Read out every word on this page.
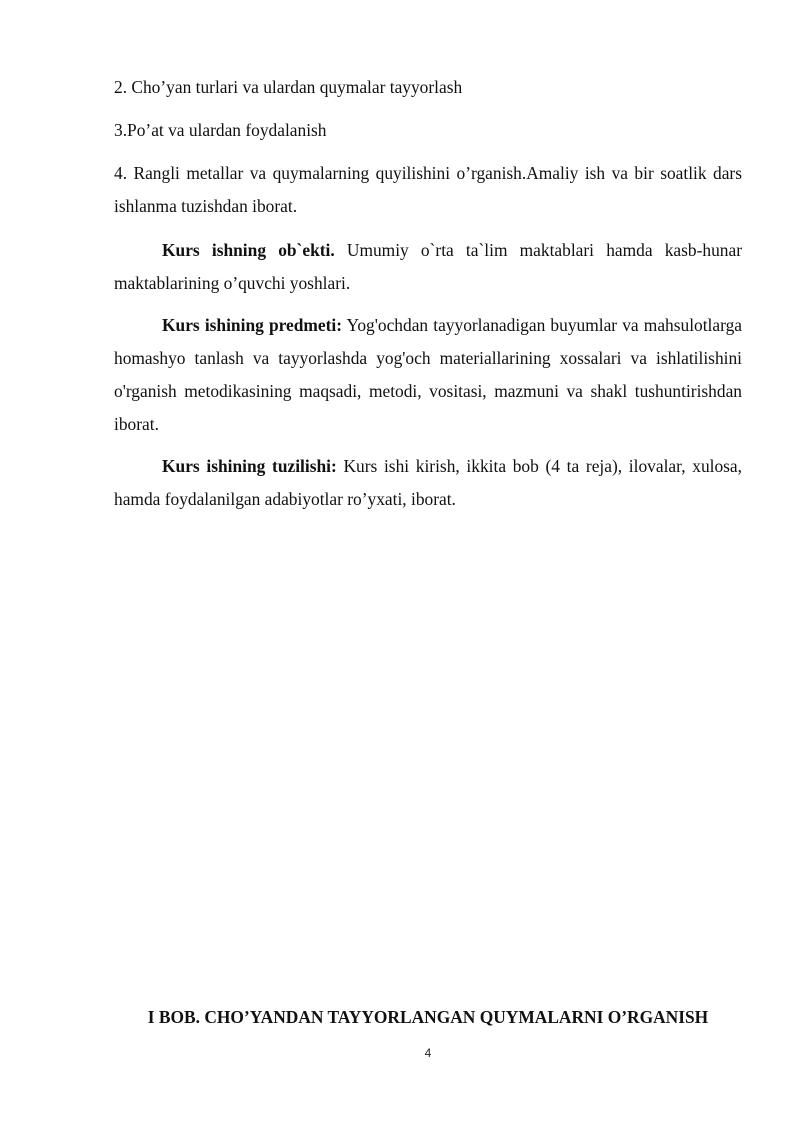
2. Cho’yan turlari va ulardan quymalar tayyorlash

3.Po’at va ulardan foydalanish

4. Rangli metallar va quymalarning quyilishini o’rganish.Amaliy ish va bir soatlik dars ishlanma tuzishdan iborat.

Kurs ishning ob`ekti. Umumiy o`rta ta`lim maktablari hamda kasb-hunar maktablarining o’quvchi yoshlari.

Kurs ishining predmeti: Yog'ochdan tayyorlanadigan buyumlar va mahsulotlarga homashyo tanlash va tayyorlashda yog'och materiallarining xossalari va ishlatilishini o'rganish metodikasining maqsadi, metodi, vositasi, mazmuni va shakl tushuntirishdan iborat.

Kurs ishining tuzilishi: Kurs ishi kirish, ikkita bob (4 ta reja), ilovalar, xulosa, hamda foydalanilgan adabiyotlar ro’yxati, iborat.

I BOB. CHO’YANDAN TAYYORLANGAN QUYMALARNI O’RGANISH

4
